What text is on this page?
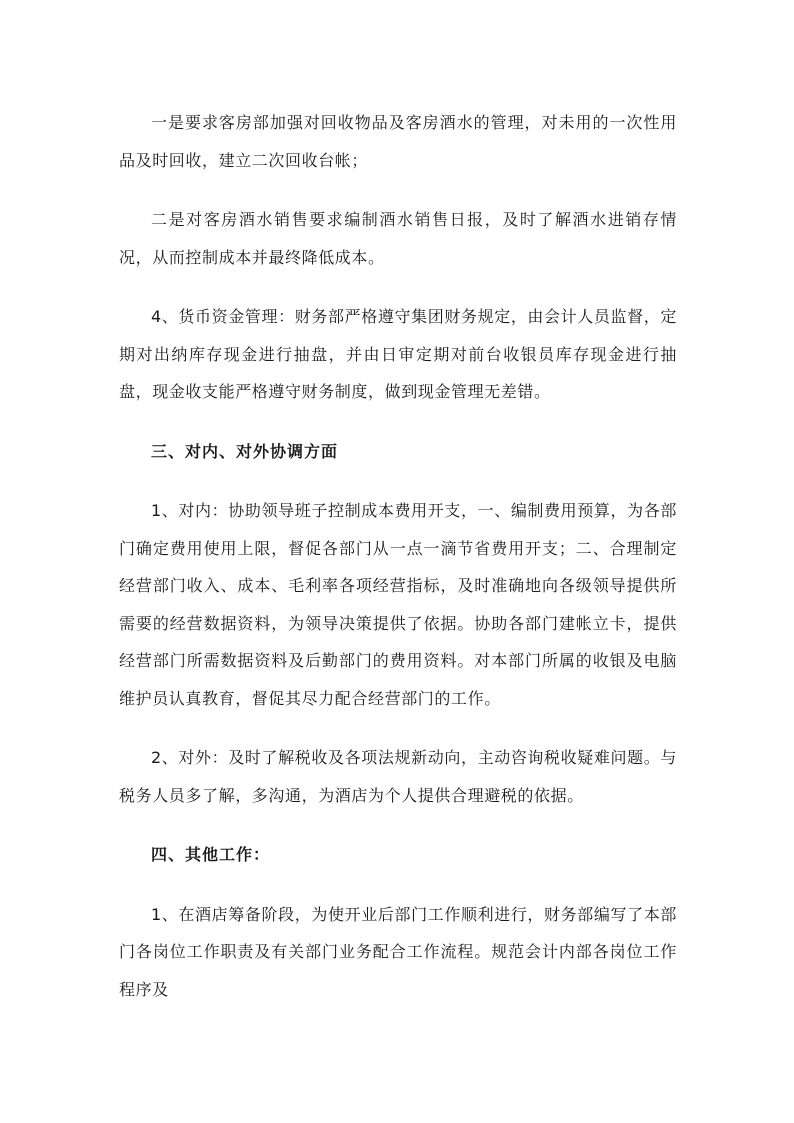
一是要求客房部加强对回收物品及客房酒水的管理，对未用的一次性用品及时回收，建立二次回收台帐；

二是对客房酒水销售要求编制酒水销售日报，及时了解酒水进销存情况，从而控制成本并最终降低成本。

4、货币资金管理：财务部严格遵守集团财务规定，由会计人员监督，定期对出纳库存现金进行抽盘，并由日审定期对前台收银员库存现金进行抽盘，现金收支能严格遵守财务制度，做到现金管理无差错。

三、对内、对外协调方面

1、对内：协助领导班子控制成本费用开支，一、编制费用预算，为各部门确定费用使用上限，督促各部门从一点一滴节省费用开支；二、合理制定经营部门收入、成本、毛利率各项经营指标，及时准确地向各级领导提供所需要的经营数据资料，为领导决策提供了依据。协助各部门建帐立卡，提供经营部门所需数据资料及后勤部门的费用资料。对本部门所属的收银及电脑维护员认真教育，督促其尽力配合经营部门的工作。

2、对外：及时了解税收及各项法规新动向，主动咨询税收疑难问题。与税务人员多了解，多沟通，为酒店为个人提供合理避税的依据。

四、其他工作：

1、在酒店筹备阶段，为使开业后部门工作顺利进行，财务部编写了本部门各岗位工作职责及有关部门业务配合工作流程。规范会计内部各岗位工作程序及
